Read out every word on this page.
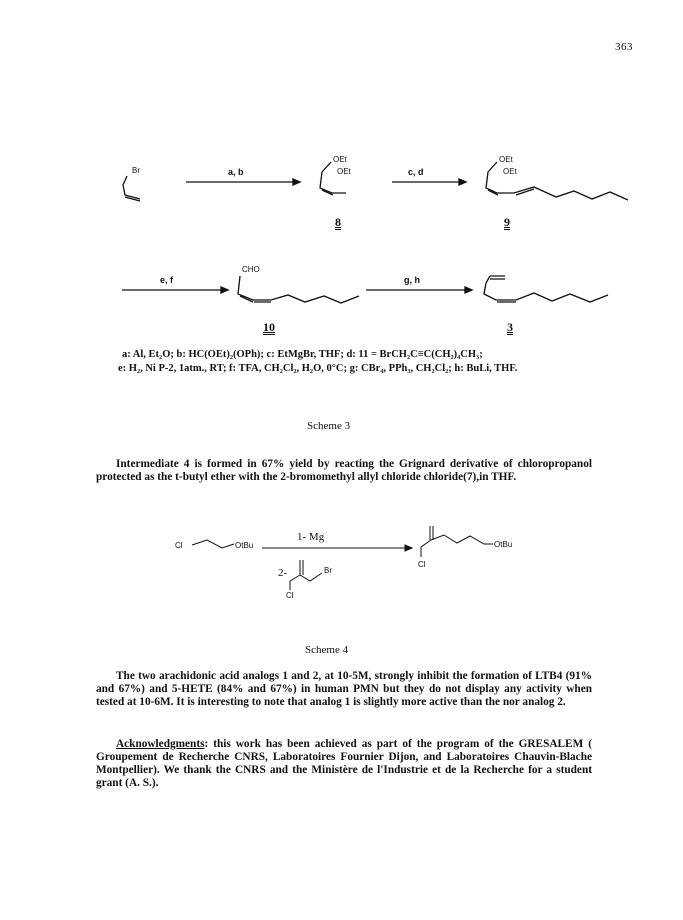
363
Br	a, b
OEt
OEt
8
c, d
OEt
OEt
9
e, f
CHO
g, h
10	3
a: Al, Et₂O; b: HC(OEt)₂(OPh); c: EtMgBr, THF; d: 11 = BrCH₂C≡C(CH₂)₄CH₃;
e: H₂, Ni P-2, 1atm., RT; f: TFA, CH₂Cl₂, H₂O, 0°C; g: CBr₄, PPh₃, CH₂Cl₂; h: BuLi, THF.
Scheme 3
Intermediate 4 is formed in 67% yield by reacting the Grignard derivative of chloropropanol protected as the t-butyl ether with the 2-bromomethyl allyl chloride chloride(7),in THF.
Cl	OtBu
1- Mg
2-	Br
Cl
Cl
OtBu
Scheme 4
The two arachidonic acid analogs 1 and 2, at 10-5M, strongly inhibit the formation of LTB4 (91% and 67%) and 5-HETE (84% and 67%) in human PMN but they do not display any activity when tested at 10-6M. It is interesting to note that analog 1 is slightly more active than the nor analog 2.
Acknowledgments: this work has been achieved as part of the program of the GRESALEM ( Groupement de Recherche CNRS, Laboratoires Fournier Dijon, and Laboratoires Chauvin-Blache Montpellier). We thank the CNRS and the Ministère de l'Industrie et de la Recherche for a student grant (A. S.).
